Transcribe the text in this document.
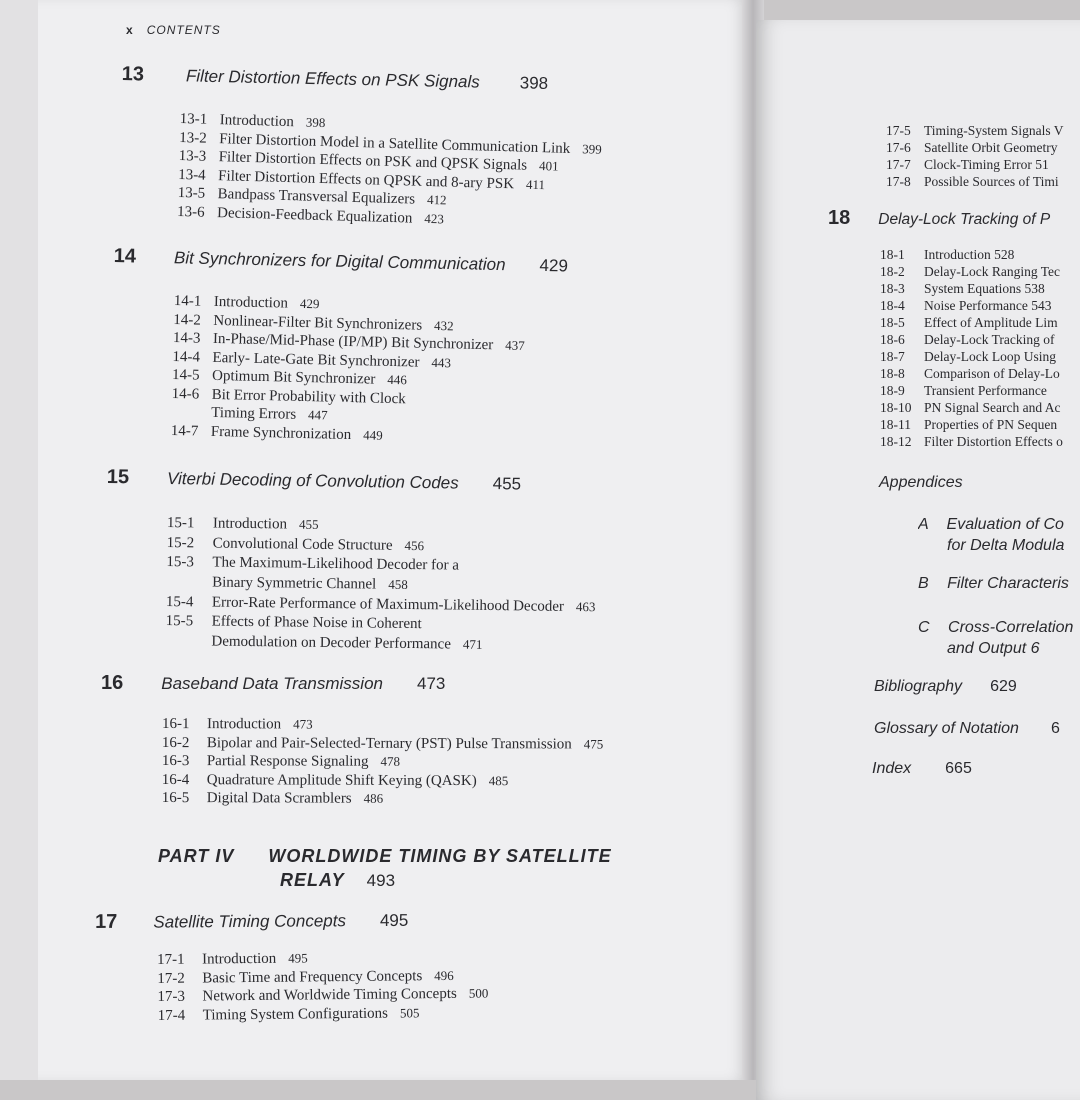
x CONTENTS
13 Filter Distortion Effects on PSK Signals 398
13-1 Introduction 398
13-2 Filter Distortion Model in a Satellite Communication Link 399
13-3 Filter Distortion Effects on PSK and QPSK Signals 401
13-4 Filter Distortion Effects on QPSK and 8-ary PSK 411
13-5 Bandpass Transversal Equalizers 412
13-6 Decision-Feedback Equalization 423
14 Bit Synchronizers for Digital Communication 429
14-1 Introduction 429
14-2 Nonlinear-Filter Bit Synchronizers 432
14-3 In-Phase/Mid-Phase (IP/MP) Bit Synchronizer 437
14-4 Early- Late-Gate Bit Synchronizer 443
14-5 Optimum Bit Synchronizer 446
14-6 Bit Error Probability with Clock
Timing Errors 447
14-7 Frame Synchronization 449
15 Viterbi Decoding of Convolution Codes 455
15-1 Introduction 455
15-2 Convolutional Code Structure 456
15-3 The Maximum-Likelihood Decoder for a
Binary Symmetric Channel 458
15-4 Error-Rate Performance of Maximum-Likelihood Decoder 463
15-5 Effects of Phase Noise in Coherent
Demodulation on Decoder Performance 471
16 Baseband Data Transmission 473
16-1 Introduction 473
16-2 Bipolar and Pair-Selected-Ternary (PST) Pulse Transmission 475
16-3 Partial Response Signaling 478
16-4 Quadrature Amplitude Shift Keying (QASK) 485
16-5 Digital Data Scramblers 486
PART IV WORLDWIDE TIMING BY SATELLITE
RELAY 493
17 Satellite Timing Concepts 495
17-1 Introduction 495
17-2 Basic Time and Frequency Concepts 496
17-3 Network and Worldwide Timing Concepts 500
17-4 Timing System Configurations 505
17-5 Timing-System Signals V
17-6 Satellite Orbit Geometry
17-7 Clock-Timing Error 51
17-8 Possible Sources of Timi
18 Delay-Lock Tracking of P
18-1 Introduction 528
18-2 Delay-Lock Ranging Tec
18-3 System Equations 538
18-4 Noise Performance 543
18-5 Effect of Amplitude Lim
18-6 Delay-Lock Tracking of
18-7 Delay-Lock Loop Using
18-8 Comparison of Delay-Lo
18-9 Transient Performance
18-10 PN Signal Search and Ac
18-11 Properties of PN Sequen
18-12 Filter Distortion Effects o
Appendices
A Evaluation of Co
for Delta Modula
B Filter Characteris
C Cross-Correlation
and Output 6
Bibliography 629
Glossary of Notation 6
Index 665
